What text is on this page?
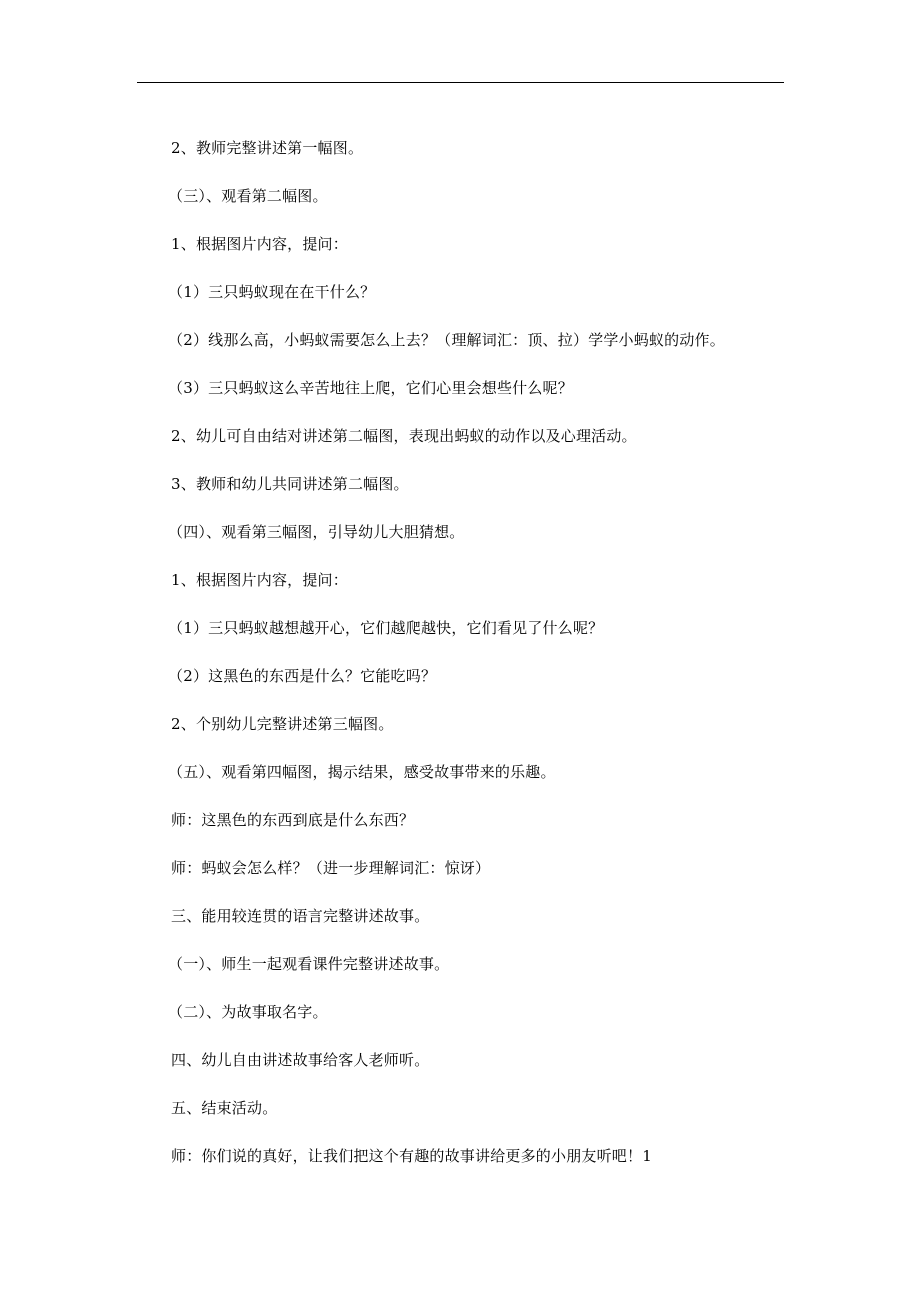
2、教师完整讲述第一幅图。
（三）、观看第二幅图。
1、根据图片内容，提问：
（1）三只蚂蚁现在在干什么？
（2）线那么高，小蚂蚁需要怎么上去？（理解词汇：顶、拉）学学小蚂蚁的动作。
（3）三只蚂蚁这么辛苦地往上爬，它们心里会想些什么呢？
2、幼儿可自由结对讲述第二幅图，表现出蚂蚁的动作以及心理活动。
3、教师和幼儿共同讲述第二幅图。
（四）、观看第三幅图，引导幼儿大胆猜想。
1、根据图片内容，提问：
（1）三只蚂蚁越想越开心，它们越爬越快，它们看见了什么呢？
（2）这黑色的东西是什么？它能吃吗？
2、个别幼儿完整讲述第三幅图。
（五）、观看第四幅图，揭示结果，感受故事带来的乐趣。
师：这黑色的东西到底是什么东西？
师：蚂蚁会怎么样？（进一步理解词汇：惊讶）
三、能用较连贯的语言完整讲述故事。
（一）、师生一起观看课件完整讲述故事。
（二）、为故事取名字。
四、幼儿自由讲述故事给客人老师听。
五、结束活动。
师：你们说的真好，让我们把这个有趣的故事讲给更多的小朋友听吧！1
